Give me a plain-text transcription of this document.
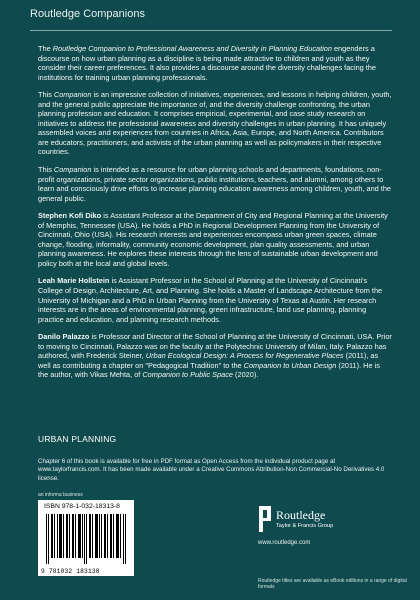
Routledge Companions

The Routledge Companion to Professional Awareness and Diversity in Planning Education engenders a discourse on how urban planning as a discipline is being made attractive to children and youth as they consider their career preferences. It also provides a discourse around the diversity challenges facing the institutions for training urban planning professionals.

This Companion is an impressive collection of initiatives, experiences, and lessons in helping children, youth, and the general public appreciate the importance of, and the diversity challenge confronting, the urban planning profession and education. It comprises empirical, experimental, and case study research on initiatives to address the professional awareness and diversity challenges in urban planning. It has uniquely assembled voices and experiences from countries in Africa, Asia, Europe, and North America. Contributors are educators, practitioners, and activists of the urban planning as well as policymakers in their respective countries.

This Companion is intended as a resource for urban planning schools and departments, foundations, non-profit organizations, private sector organizations, public institutions, teachers, and alumni, among others to learn and consciously drive efforts to increase planning education awareness among children, youth, and the general public.

Stephen Kofi Diko is Assistant Professor at the Department of City and Regional Planning at the University of Memphis, Tennessee (USA). He holds a PhD in Regional Development Planning from the University of Cincinnati, Ohio (USA). His research interests and experiences encompass urban green spaces, climate change, flooding, informality, community economic development, plan quality assessments, and urban planning awareness. He explores these interests through the lens of sustainable urban development and policy both at the local and global levels.

Leah Marie Hollstein is Assistant Professor in the School of Planning at the University of Cincinnati's College of Design, Architecture, Art, and Planning. She holds a Master of Landscape Architecture from the University of Michigan and a PhD in Urban Planning from the University of Texas at Austin. Her research interests are in the areas of environmental planning, green infrastructure, land use planning, planning practice and education, and planning research methods.

Danilo Palazzo is Professor and Director of the School of Planning at the University of Cincinnati, USA. Prior to moving to Cincinnati, Palazzo was on the faculty at the Polytechnic University of Milan, Italy. Palazzo has authored, with Frederick Steiner, Urban Ecological Design: A Process for Regenerative Places (2011), as well as contributing a chapter on "Pedagogical Tradition" to the Companion to Urban Design (2011). He is the author, with Vikas Mehta, of Companion to Public Space (2020).

URBAN PLANNING
Chapter 6 of this book is available for free in PDF format as Open Access from the individual product page at www.taylorfrancis.com. It has been made available under a Creative Commons Attribution-Non Commercial-No Derivatives 4.0 license.
an informa business
ISBN 978-1-032-18313-8
9 781032 183138
Routledge
Taylor & Francis Group
www.routledge.com
Routledge titles are available as eBook editions in a range of digital formats
